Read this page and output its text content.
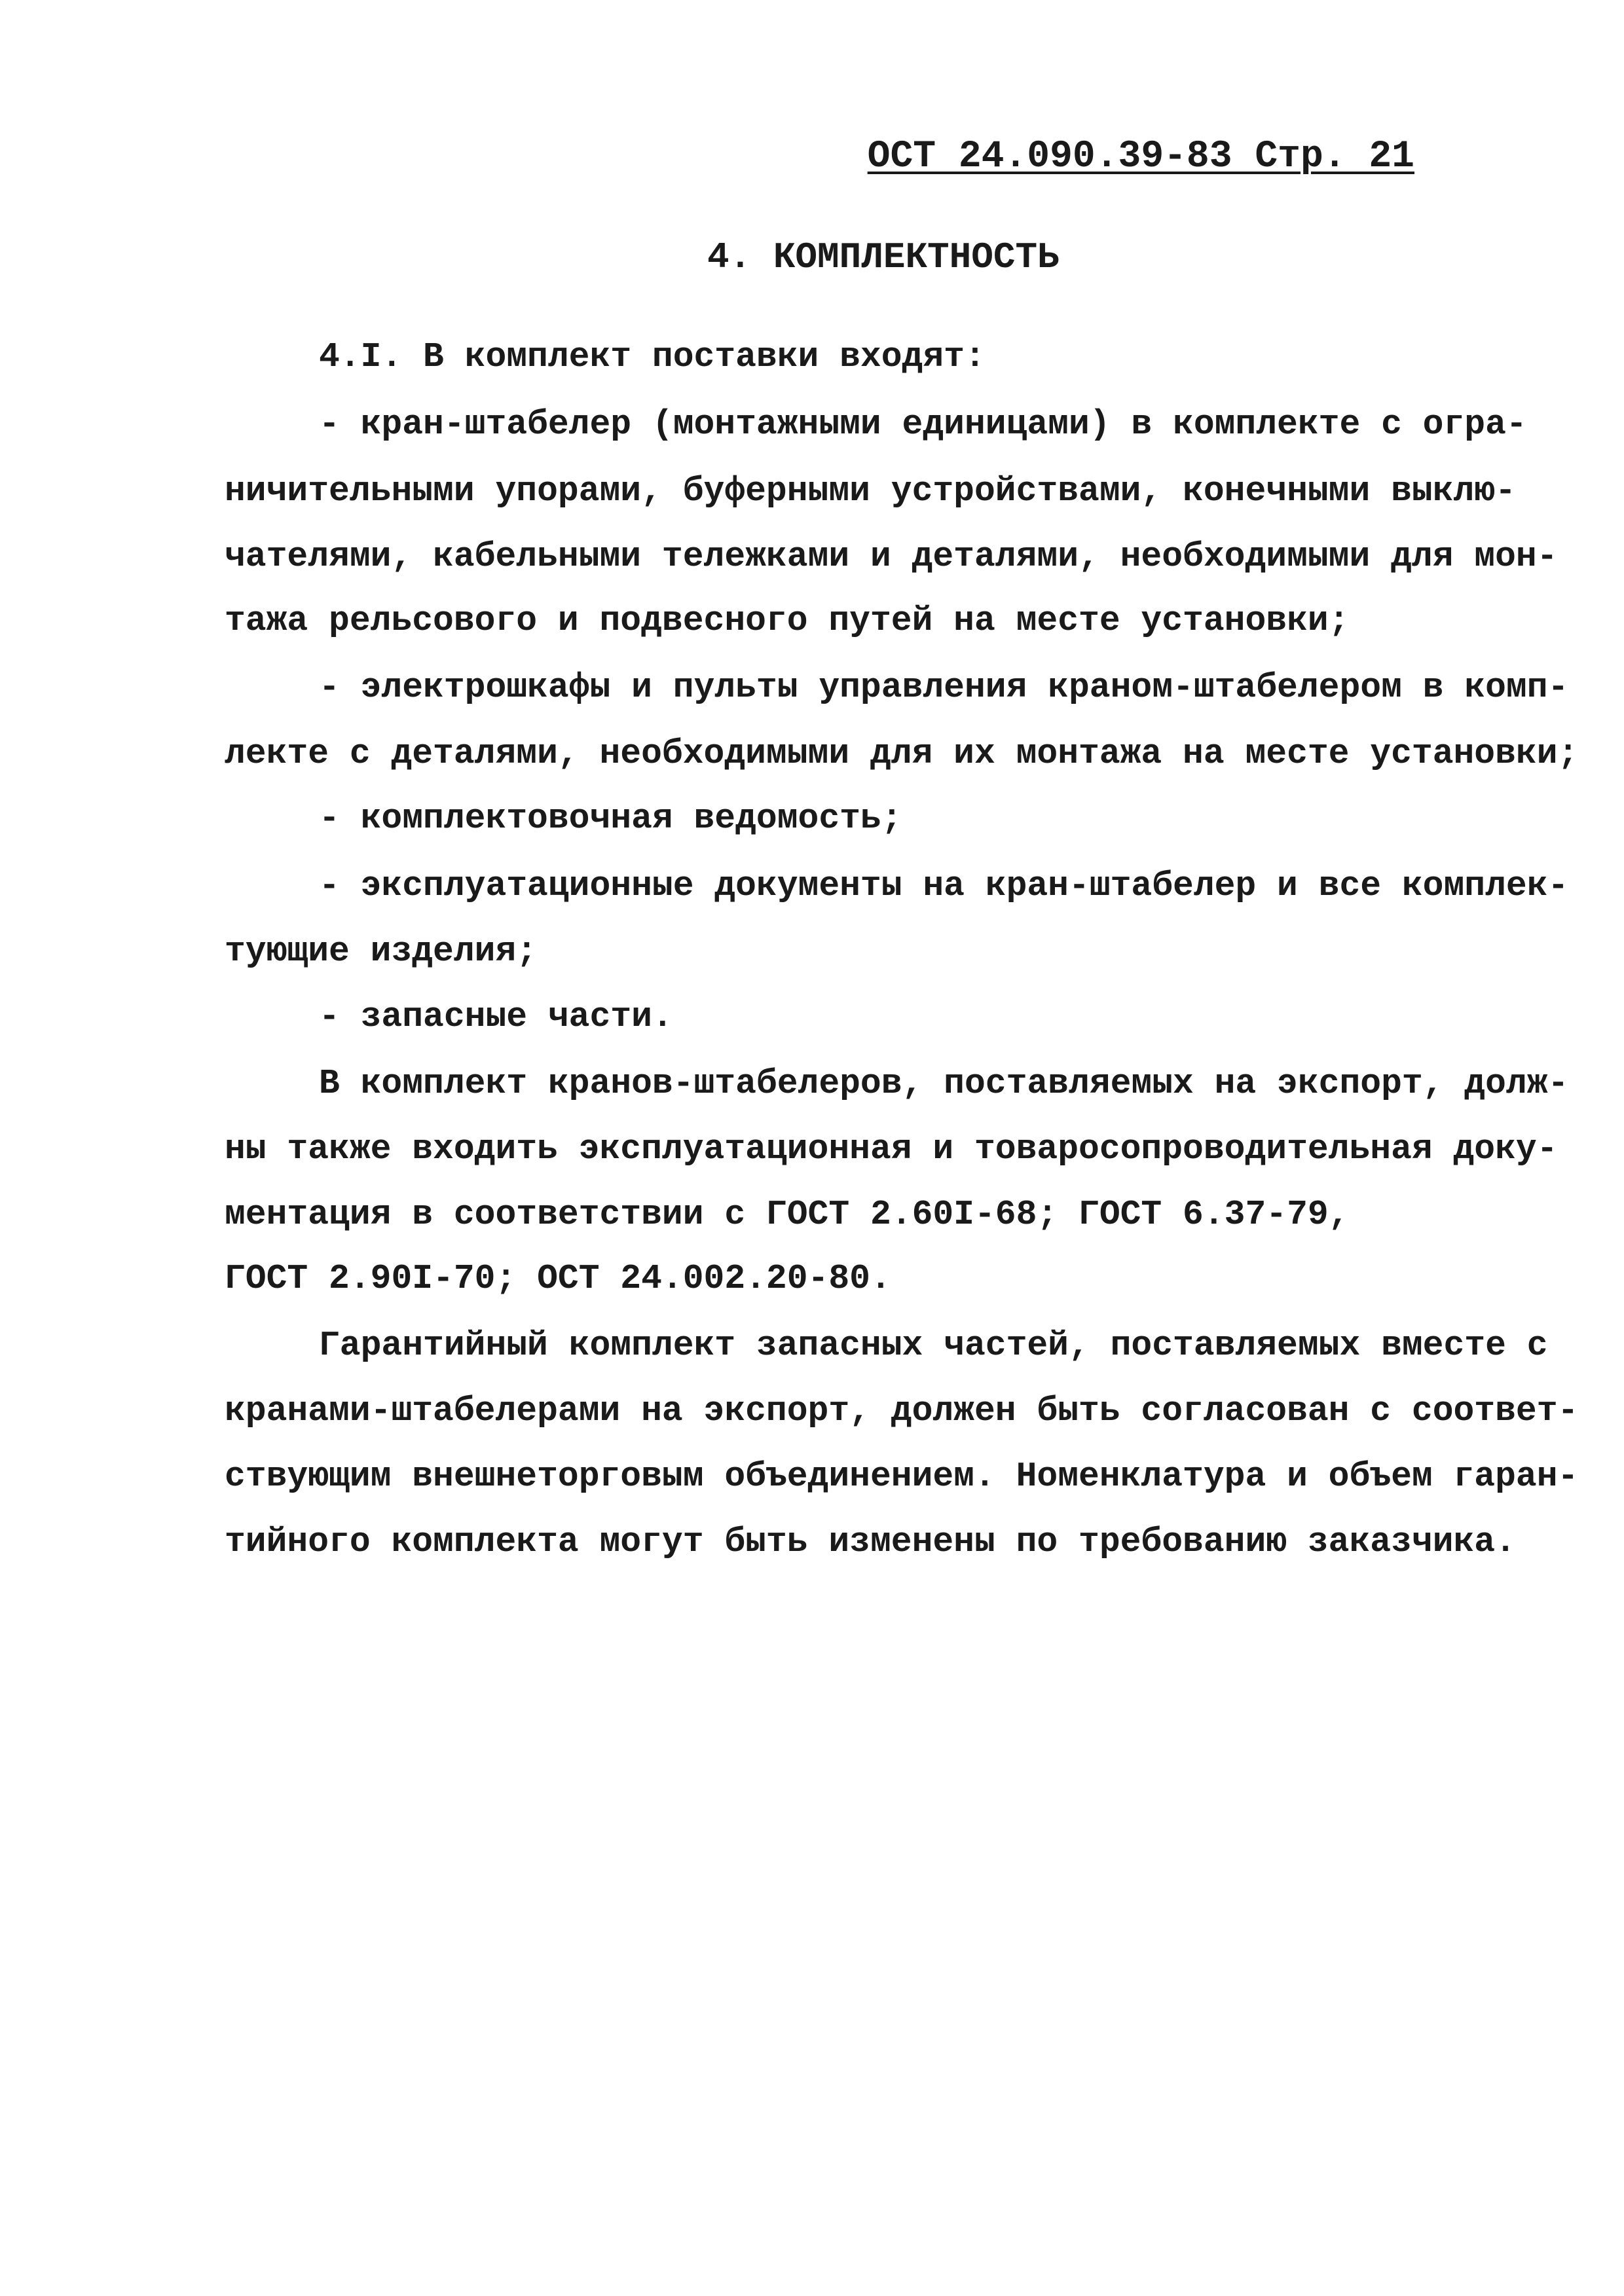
ОСТ 24.090.39-83 Стр. 21
4. КОМПЛЕКТНОСТЬ
4.I. В комплект поставки входят:
- кран-штабелер (монтажными единицами) в комплекте с огра-
ничительными упорами, буферными устройствами, конечными выклю-
чателями, кабельными тележками и деталями, необходимыми для мон-
тажа рельсового и подвесного путей на месте установки;
- электрошкафы и пульты управления краном-штабелером в комп-
лекте с деталями, необходимыми для их монтажа на месте установки;
- комплектовочная ведомость;
- эксплуатационные документы на кран-штабелер и все комплек-
тующие изделия;
- запасные части.
В комплект кранов-штабелеров, поставляемых на экспорт, долж-
ны также входить эксплуатационная и товаросопроводительная доку-
ментация в соответствии с ГОСТ 2.60I-68; ГОСТ 6.37-79,
ГОСТ 2.90I-70; ОСТ 24.002.20-80.
Гарантийный комплект запасных частей, поставляемых вместе с
кранами-штабелерами на экспорт, должен быть согласован с соответ-
ствующим внешнеторговым объединением. Номенклатура и объем гаран-
тийного комплекта могут быть изменены по требованию заказчика.
